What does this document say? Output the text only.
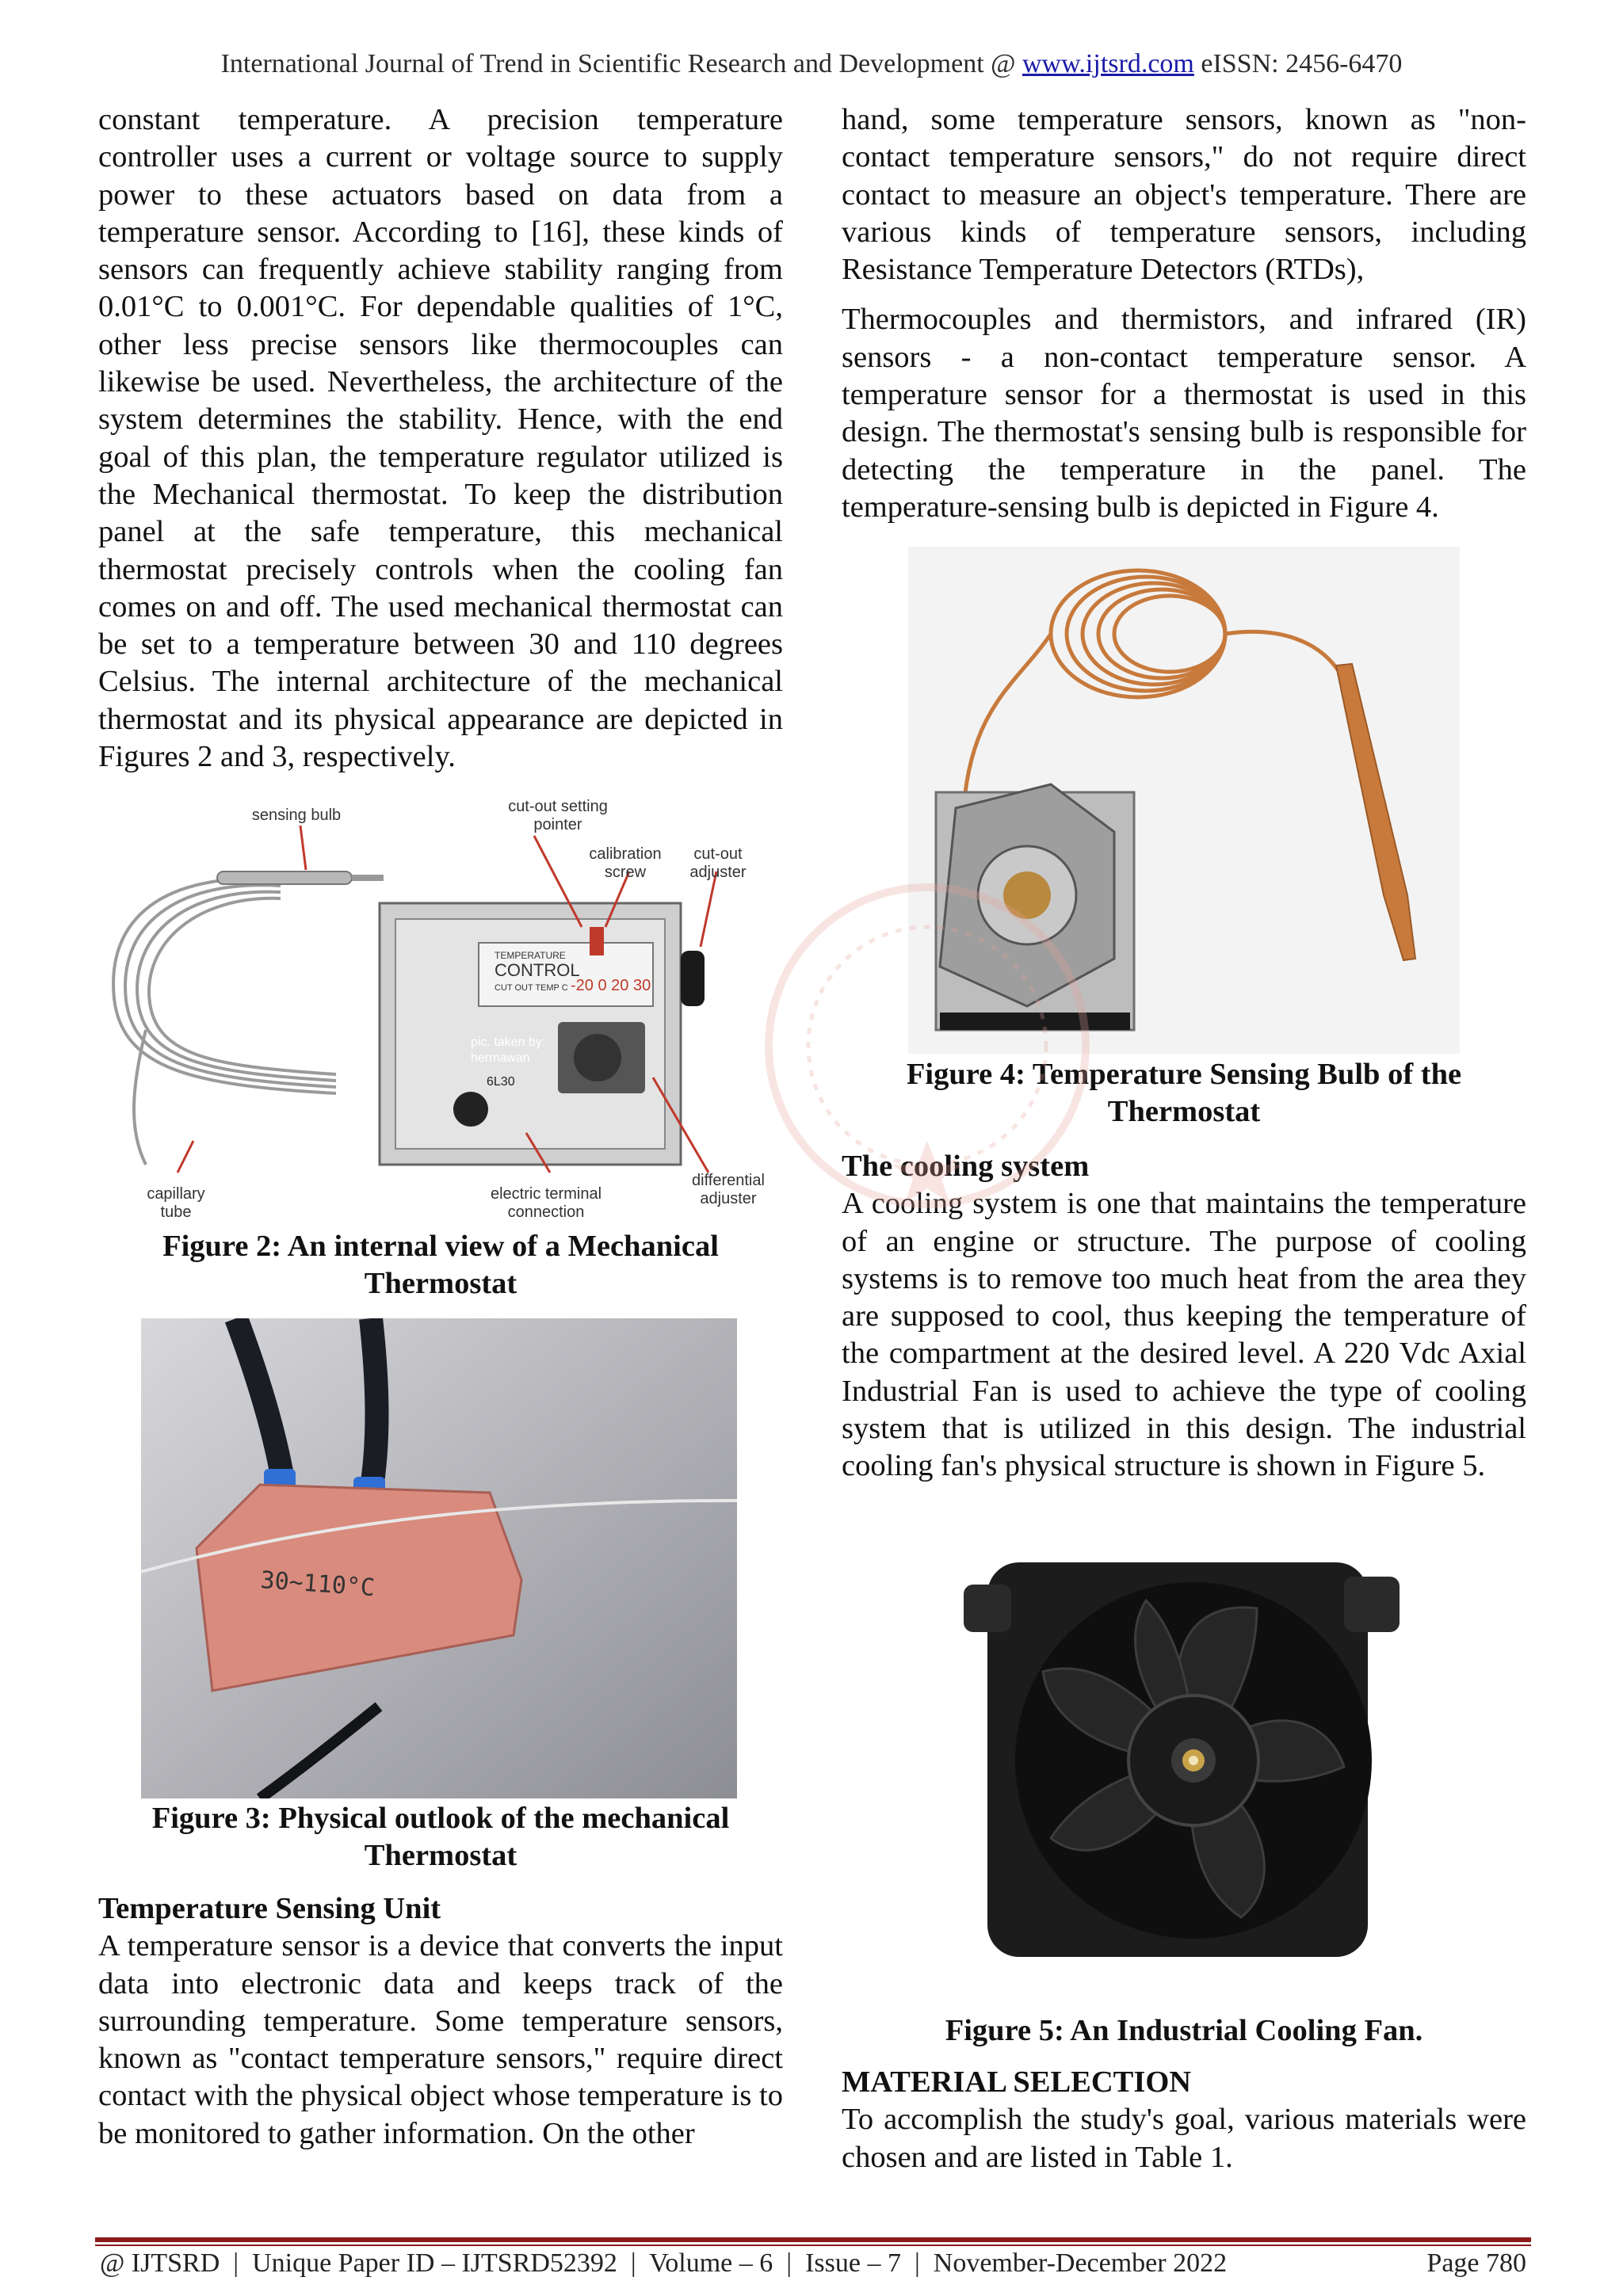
International Journal of Trend in Scientific Research and Development @ www.ijtsrd.com eISSN: 2456-6470

constant temperature. A precision temperature controller uses a current or voltage source to supply power to these actuators based on data from a temperature sensor. According to [16], these kinds of sensors can frequently achieve stability ranging from 0.01°C to 0.001°C. For dependable qualities of 1°C, other less precise sensors like thermocouples can likewise be used. Nevertheless, the architecture of the system determines the stability. Hence, with the end goal of this plan, the temperature regulator utilized is the Mechanical thermostat. To keep the distribution panel at the safe temperature, this mechanical thermostat precisely controls when the cooling fan comes on and off. The used mechanical thermostat can be set to a temperature between 30 and 110 degrees Celsius. The internal architecture of the mechanical thermostat and its physical appearance are depicted in Figures 2 and 3, respectively.

TEMPERATURE
CONTROL
CUT OUT TEMP C -20 0 20 30
pic. taken by:
hermawan
6L30
sensing bulb	cut-out setting
pointer
calibration
screw
cut-out
adjuster
capillary
tube
electric terminal
connection
differential
adjuster
Figure 2: An internal view of a Mechanical Thermostat
30~110°C
Figure 3: Physical outlook of the mechanical Thermostat

Temperature Sensing Unit

A temperature sensor is a device that converts the input data into electronic data and keeps track of the surrounding temperature. Some temperature sensors, known as "contact temperature sensors," require direct contact with the physical object whose temperature is to be monitored to gather information. On the other

hand, some temperature sensors, known as "non-contact temperature sensors," do not require direct contact to measure an object's temperature. There are various kinds of temperature sensors, including Resistance Temperature Detectors (RTDs),

Thermocouples and thermistors, and infrared (IR) sensors - a non-contact temperature sensor. A temperature sensor for a thermostat is used in this design. The thermostat's sensing bulb is responsible for detecting the temperature in the panel. The temperature-sensing bulb is depicted in Figure 4.

Figure 4: Temperature Sensing Bulb of the Thermostat

The cooling system

A cooling system is one that maintains the temperature of an engine or structure. The purpose of cooling systems is to remove too much heat from the area they are supposed to cool, thus keeping the temperature of the compartment at the desired level. A 220 Vdc Axial Industrial Fan is used to achieve the type of cooling system that is utilized in this design. The industrial cooling fan's physical structure is shown in Figure 5.

Figure 5: An Industrial Cooling Fan.

MATERIAL SELECTION

To accomplish the study's goal, various materials were chosen and are listed in Table 1.

@ IJTSRD  |  Unique Paper ID – IJTSRD52392  |  Volume – 6  |  Issue – 7  |  November-December 2022	Page 780
